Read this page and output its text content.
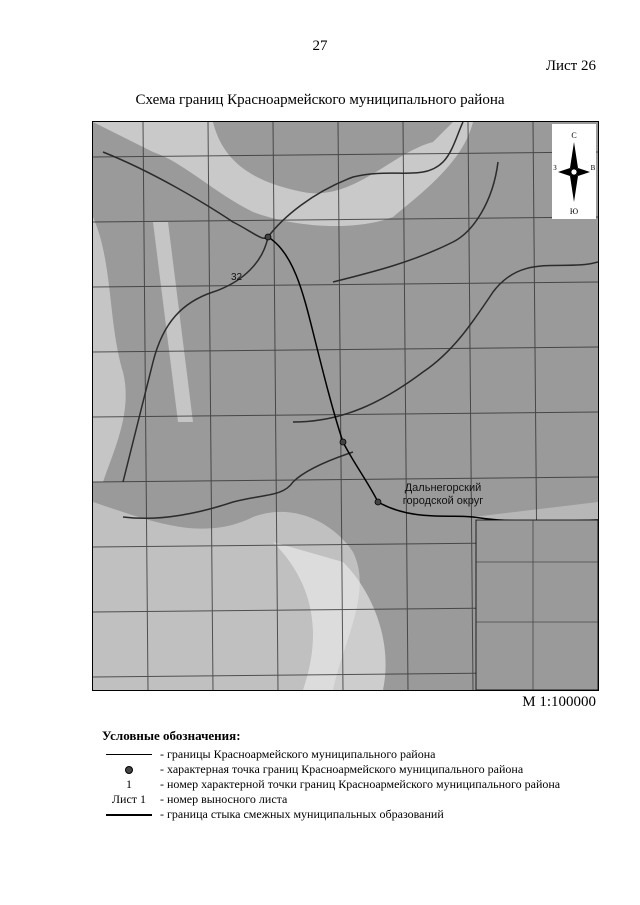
27
Лист 26
Схема границ Красноармейского муниципального района
Дальнегорский
городской округ
32
С
Ю
З	В
М 1:100000
Условные обозначения:
- границы Красноармейского муниципального района
- характерная точка границ Красноармейского муниципального района
1	- номер характерной точки границ Красноармейского муниципального района
Лист 1	- номер выносного листа
- граница стыка смежных муниципальных образований
